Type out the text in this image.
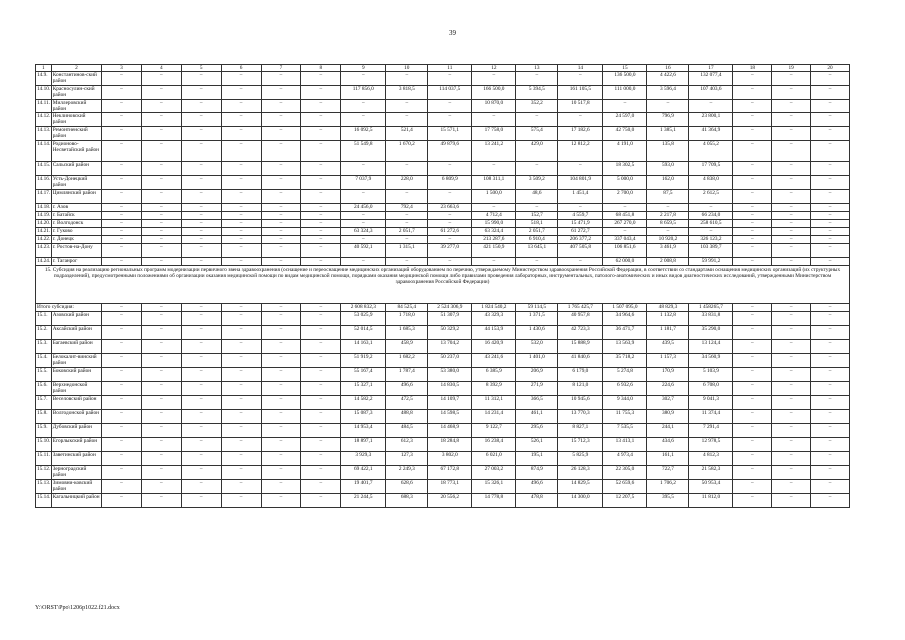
39
1	2	3	4	5	6	7	8	9	10	11	12	13	14	15	16	17	18	19	20
14.9.	Константинов-ский район	–	–	–	–	–	–	–	–	–	–	–	–	136 500,0	4 422,6	132 077,4	–	–	–
14.10.	Красносулин-ский район	–	–	–	–	–	–	117 856,0	3 818,5	114 037,5	166 500,0	5 394,5	161 105,5	111 000,0	3 596,4	107 403,6	–	–	–
14.11.	Миллеровский район	–	–	–	–	–	–	–	–	–	10 870,0	352,2	10 517,8	–	–	–	–	–	–
14.12.	Неклиновский район	–	–	–	–	–	–	–	–	–	–	–	–	24 597,0	796,9	23 800,1	–	–	–
14.13.	Ремонтненский район	–	–	–	–	–	–	16 092,5	521,4	15 571,1	17 758,0	575,4	17 182,6	42 750,0	1 385,1	41 364,9	–	–	–
14.14.	Родионово-Несветайский район	–	–	–	–	–	–	51 549,8	1 670,2	49 879,6	13 241,2	429,0	12 812,2	4 191,0	135,8	4 055,2	–	–	–
14.15.	Сальский район	–	–	–	–	–	–	–	–	–	–	–	–	18 302,5	593,0	17 709,5	–	–	–
14.16.	Усть-Донецкий район	–	–	–	–	–	–	7 037,9	228,0	6 809,9	108 311,1	3 509,2	104 801,9	5 000,0	162,0	4 838,0	–	–	–
14.17.	Цимлянский район	–	–	–	–	–	–	–	–	–	1 500,0	48,6	1 451,4	2 700,0	87,5	2 612,5	–	–	–
14.18.	г. Азов	–	–	–	–	–	–	24 456,0	792,4	23 663,6	–	–	–	–	–	–	–	–	–
14.19.	г. Батайск	–	–	–	–	–	–	–	–	–	4 712,4	152,7	4 559,7	68 451,8	2 217,8	66 234,0	–	–	–
14.20.	г. Волгодонск	–	–	–	–	–	–	–	–	–	15 990,0	518,1	15 471,9	267 270,0	8 659,5	258 610,5	–	–	–
14.21.	г. Гуково	–	–	–	–	–	–	63 324,3	2 051,7	61 272,6	63 324,4	2 051,7	61 272,7	–	–	–	–	–	–
14.22.	г. Донецк	–	–	–	–	–	–	–	–	–	213 287,6	6 910,4	206 377,2	337 043,4	10 920,2	326 123,2	–	–	–
14.23.	г. Ростов-на-Дону	–	–	–	–	–	–	40 592,1	1 315,1	39 277,0	421 150,9	13 645,1	407 505,8	106 851,6	3 461,9	103 389,7	–	–	–
14.24.	г. Таганрог	–	–	–	–	–	–	–	–	–	–	–	–	62 000,0	2 008,8	59 991,2	–	–	–
15. Субсидия на реализацию региональных программ модернизации первичного звена здравоохранения (оснащение и переоснащение медицинских организаций оборудованием по перечню, утверждаемому Министерством здравоохранения Российской Федерации, в соответствии со стандартами оснащения медицинских организаций (их структурных подразделений), предусмотренными положениями об организации оказания медицинской помощи по видам медицинской помощи, порядками оказания медицинской помощи либо правилами проведения лабораторных, инструментальных, патолого-анатомических и иных видов диагностических исследований, утвержденными Министерством здравоохранения Российской Федерации)																			
Итого субсидия:		–	–	–	–	–	–	2 608 832,3	84 525,4	2 524 306,9	1 824 540,2	59 114,5	1 765 425,7	1 507 095,0	48 829,3	1 458265,7	–	–	–
15.1.	Азовский район	–	–	–	–	–	–	53 025,9	1 718,0	51 307,9	43 329,3	1 371,5	40 957,8	34 964,6	1 132,8	33 831,8	–	–	–
15.2.	Аксайский район	–	–	–	–	–	–	52 014,5	1 685,3	50 329,2	44 153,9	1 430,6	42 723,3	36 471,7	1 181,7	35 290,0	–	–	–
15.3.	Багаевский район	–	–	–	–	–	–	14 163,1	458,9	13 704,2	16 420,9	532,0	15 888,9	13 563,9	439,5	13 124,4	–	–	–
15.4.	Белокалит-винский район	–	–	–	–	–	–	51 919,2	1 682,2	50 237,0	43 241,6	1 401,0	41 840,6	35 718,2	1 157,3	34 560,9	–	–	–
15.5.	Боковский район	–	–	–	–	–	–	55 167,4	1 787,4	53 380,0	6 385,9	206,9	6 179,0	5 274,8	170,9	5 103,9	–	–	–
15.6.	Верхнедонской район	–	–	–	–	–	–	15 327,1	496,6	14 830,5	8 392,9	271,9	8 121,0	6 932,6	224,6	6 708,0	–	–	–
15.7.	Веселовский район	–	–	–	–	–	–	14 582,2	472,5	14 109,7	11 312,1	366,5	10 945,6	9 344,0	302,7	9 041,3	–	–	–
15.8.	Волгодонской район	–	–	–	–	–	–	15 087,3	488,8	14 598,5	14 231,4	461,1	13 770,3	11 755,3	380,9	11 374,4	–	–	–
15.9.	Дубовский район	–	–	–	–	–	–	14 953,4	484,5	14 468,9	9 122,7	295,6	8 827,1	7 535,5	244,1	7 291,4	–	–	–
15.10.	Егорлыкский район	–	–	–	–	–	–	18 897,1	612,3	18 284,8	16 238,4	526,1	15 712,3	13 413,1	434,6	12 978,5	–	–	–
15.11.	Заветинский район	–	–	–	–	–	–	3 929,3	127,3	3 802,0	6 021,0	195,1	5 825,9	4 973,4	161,1	4 812,3	–	–	–
15.12.	Зерноградский район	–	–	–	–	–	–	69 422,1	2 249,3	67 172,8	27 003,2	874,9	26 128,3	22 305,0	722,7	21 582,3	–	–	–
15.13.	Зимовни-ковский район	–	–	–	–	–	–	19 401,7	628,6	18 773,1	15 326,1	496,6	14 829,5	52 659,6	1 706,2	50 953,4	–	–	–
15.14.	Кагальницкий район	–	–	–	–	–	–	21 244,5	688,3	20 556,2	14 778,8	478,8	14 300,0	12 207,5	395,5	11 812,0	–	–	–
Y:\ORST\Ppo\1206p1022.f21.docx
